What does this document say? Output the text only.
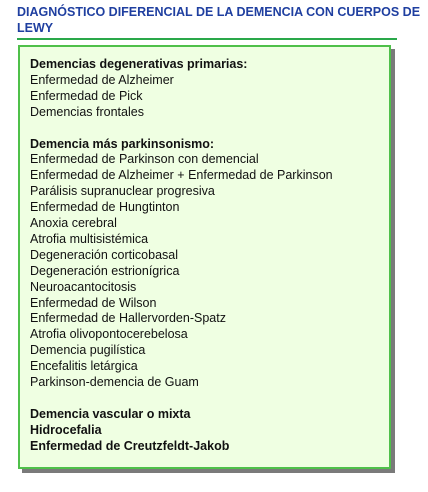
DIAGNÓSTICO DIFERENCIAL DE LA DEMENCIA CON CUERPOS DE LEWY
Demencias degenerativas primarias:
Enfermedad de Alzheimer
Enfermedad de Pick
Demencias frontales
Demencia más parkinsonismo:
Enfermedad de Parkinson con demencial
Enfermedad de Alzheimer + Enfermedad de Parkinson
Parálisis supranuclear progresiva
Enfermedad de Hungtinton
Anoxia cerebral
Atrofia multisistémica
Degeneración corticobasal
Degeneración estrionígrica
Neuroacantocitosis
Enfermedad de Wilson
Enfermedad de Hallervorden-Spatz
Atrofia olivopontocerebelosa
Demencia pugilística
Encefalitis letárgica
Parkinson-demencia de Guam
Demencia vascular o mixta
Hidrocefalia
Enfermedad de Creutzfeldt-Jakob
